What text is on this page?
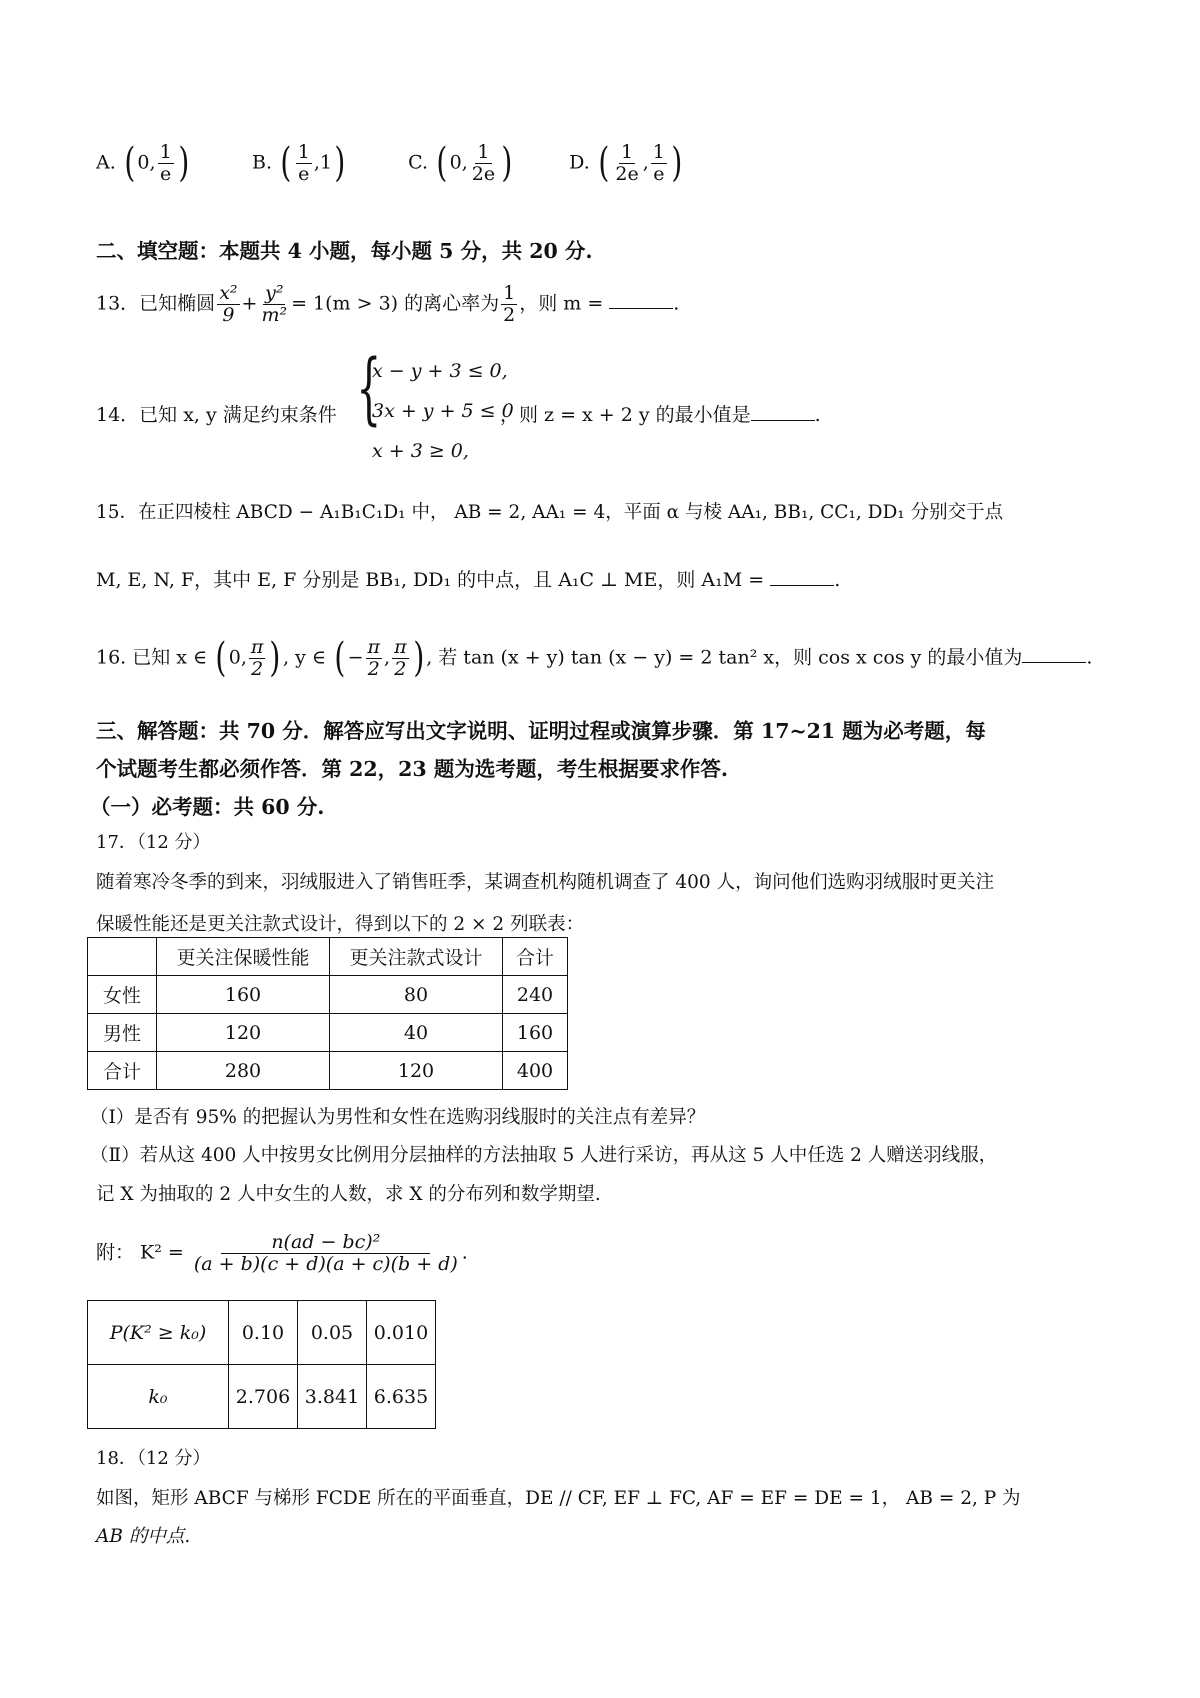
A. ( 0, $\frac{1}{e}$ )	B. ( $\frac{1}{e} ,1$)	C. ( 0, $\frac{1}{2e}$ )	D. ( $\frac{1}{2e}$ , $\frac{1}{e}$ )
二、填空题：本题共 4 小题，每小题 5 分，共 20 分.
13．已知椭圆 $\frac{\text{x²}}{9} + \frac{\text{y²}}{\text{m²}} = 1(m > 3)$ 的离心率为 $\frac{1}{2}$ ，则 m =	.
14．已知 x, y 满足约束条件 {
x − y + 3 ≤ 0,
3x + y + 5 ≤ 0
x + 3 ≥ 0,
，则 z = x + 2 y 的最小值是	.
15．在正四棱柱 ABCD − A₁B₁C₁D₁ 中， AB = 2, AA₁ = 4，平面 α 与棱 AA₁, BB₁, CC₁, DD₁ 分别交于点
M, E, N, F，其中 E, F 分别是 BB₁, DD₁ 的中点，且 A₁C ⊥ ME，则 A₁M =	.
16. 已知 x ∈ ( 0, $\frac{\pi}{2}$ ) , y ∈ ( − $\frac{\pi}{2}$ , $\frac{\pi}{2}$ ) , 若 tan (x + y) tan (x − y) = 2 tan² x，则 cos x cos y 的最小值为	.
三、解答题：共 70 分．解答应写出文字说明、证明过程或演算步骤．第 17~21 题为必考题，每
个试题考生都必须作答．第 22，23 题为选考题，考生根据要求作答.
（一）必考题：共 60 分.
17．（12 分）
随着寒冷冬季的到来，羽绒服进入了销售旺季，某调查机构随机调查了 400 人，询问他们选购羽绒服时更关注
保暖性能还是更关注款式设计，得到以下的 2 × 2 列联表：
	更关注保暖性能	更关注款式设计	合计
女性	160	80	240
男性	120	40	160
合计	280	120	400
（Ⅰ）是否有 95% 的把握认为男性和女性在选购羽线服时的关注点有差异？
（Ⅱ）若从这 400 人中按男女比例用分层抽样的方法抽取 5 人进行采访，再从这 5 人中任选 2 人赠送羽线服，
记 X 为抽取的 2 人中女生的人数，求 X 的分布列和数学期望.
附： $K^2 = \frac{\text{n(ad − bc)²}}{(a + b)(c + d)(a + c)(b + d)}$ .
P(K² ≥ k₀)	0.10	0.05	0.010
k₀	2.706	3.841	6.635
18．（12 分）
如图，矩形 ABCF 与梯形 FCDE 所在的平面垂直，DE // CF, EF ⊥ FC, AF = EF = DE = 1， AB = 2, P 为
AB 的中点.
